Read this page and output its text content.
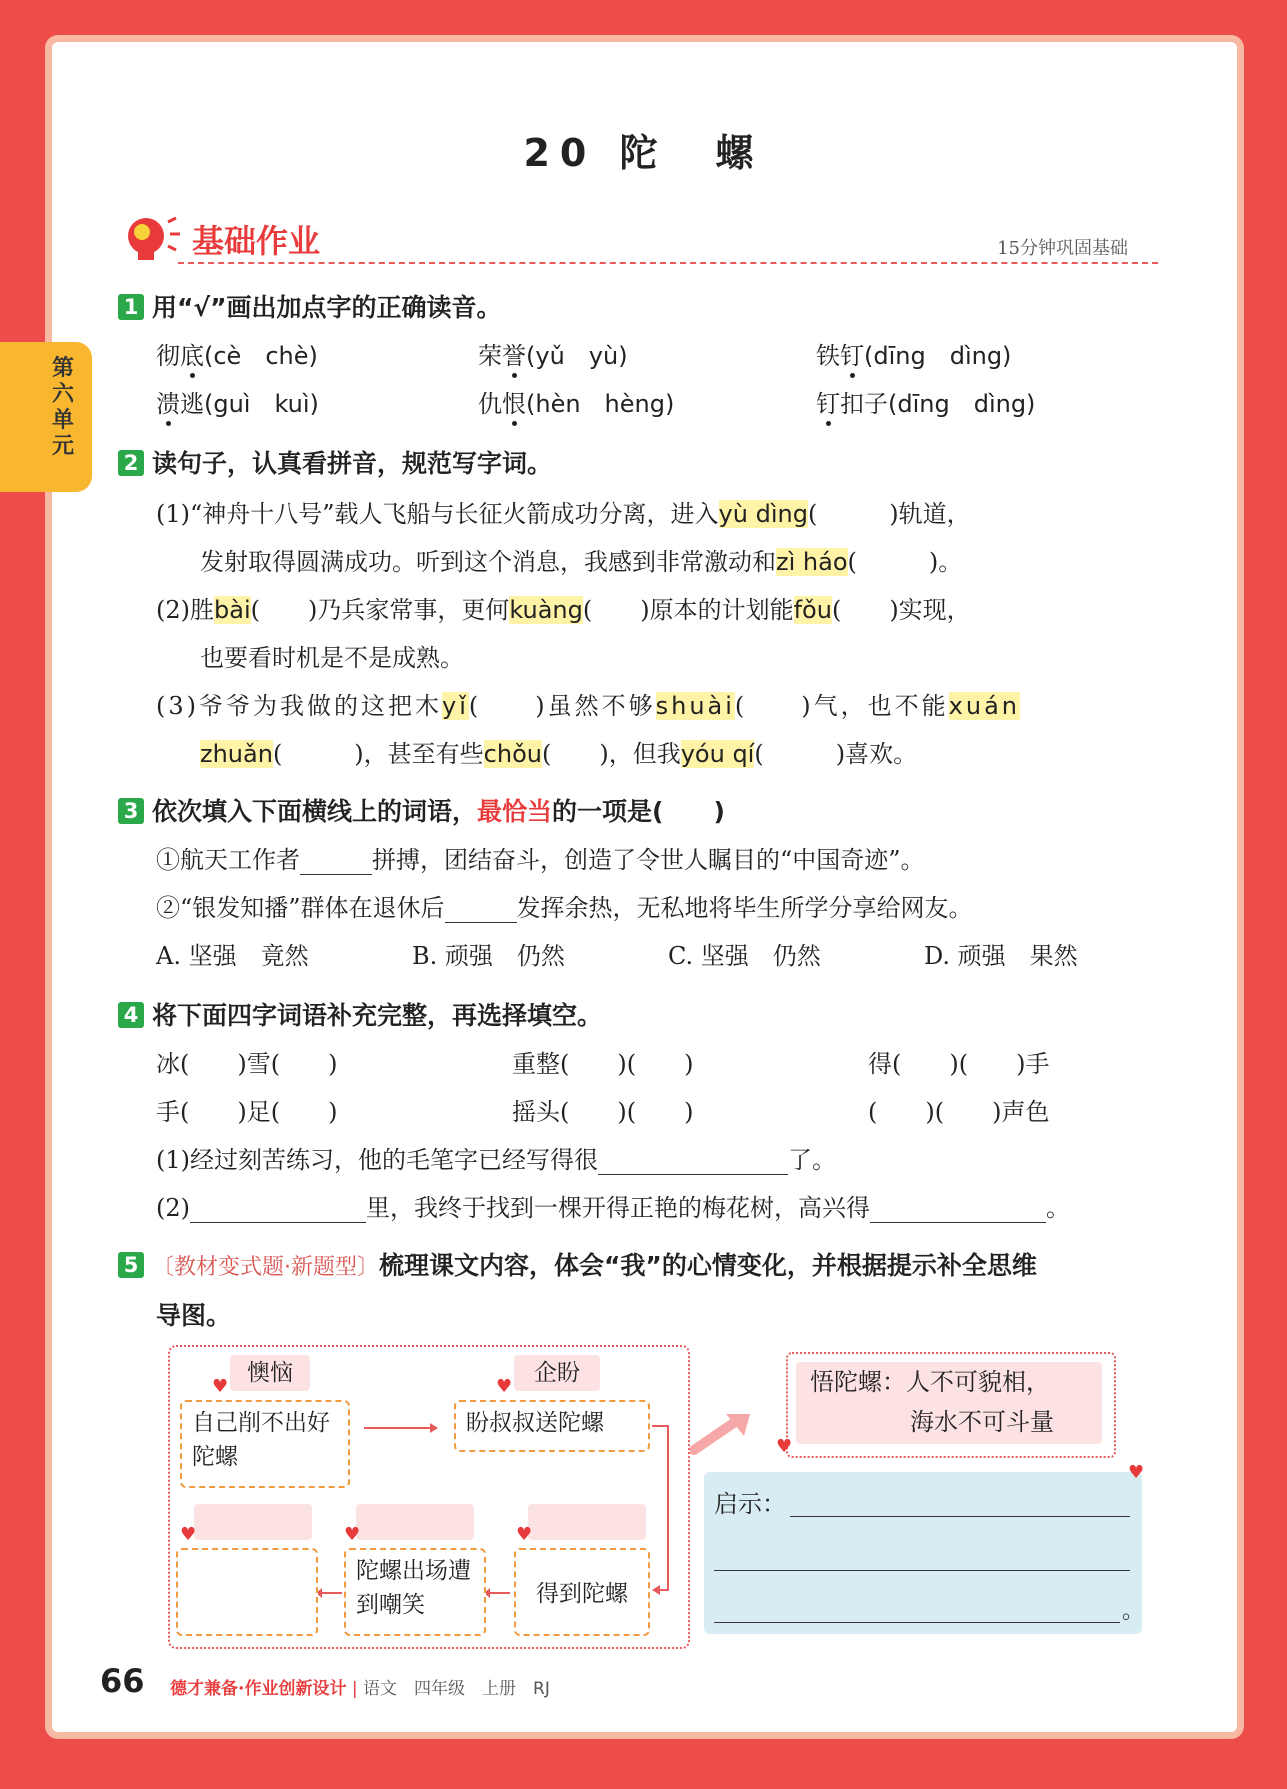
第六单元
20 陀　螺
基础作业	15分钟巩固基础
1 用“√”画出加点字的正确读音。
彻底(cè　chè)	荣誉(yǔ　yù)	铁钉(dīng　dìng)
溃逃(guì　kuì)	仇恨(hèn　hèng)	钉扣子(dīng　dìng)
2 读句子，认真看拼音，规范写字词。
(1)“神舟十八号”载人飞船与长征火箭成功分离，进入yù dìng(　　　)轨道，
发射取得圆满成功。听到这个消息，我感到非常激动和zì háo(　　　)。
(2)胜bài(　　)乃兵家常事，更何kuàng(　　)原本的计划能fǒu(　　)实现，
也要看时机是不是成熟。
(3)爷爷为我做的这把木yǐ(　　)虽然不够shuài(　　)气，也不能xuán
zhuǎn(　　　)，甚至有些chǒu(　　)，但我yóu qí(　　　)喜欢。
3 依次填入下面横线上的词语，最恰当的一项是(　　)
①航天工作者	拼搏，团结奋斗，创造了令世人瞩目的“中国奇迹”。
②“银发知播”群体在退休后	发挥余热，无私地将毕生所学分享给网友。
A. 坚强　竟然	B. 顽强　仍然	C. 坚强　仍然	D. 顽强　果然
4 将下面四字词语补充完整，再选择填空。
冰(　　)雪(　　)	重整(　　)(　　)	得(　　)(　　)手
手(　　)足(　　)	摇头(　　)(　　)	(　　)(　　)声色
(1)经过刻苦练习，他的毛笔字已经写得很	了。
(2)	里，我终于找到一棵开得正艳的梅花树，高兴得	。
5 〔教材变式题·新题型〕梳理课文内容，体会“我”的心情变化，并根据提示补全思维
导图。
懊恼
♥
自己削不出好陀螺
企盼
♥
盼叔叔送陀螺
♥
得到陀螺
♥
陀螺出场遭到嘲笑
♥
悟陀螺：人不可貌相，
海水不可斗量
♥
启示：
。
♥
66 德才兼备·作业创新设计 | 语文　四年级　上册　RJ
